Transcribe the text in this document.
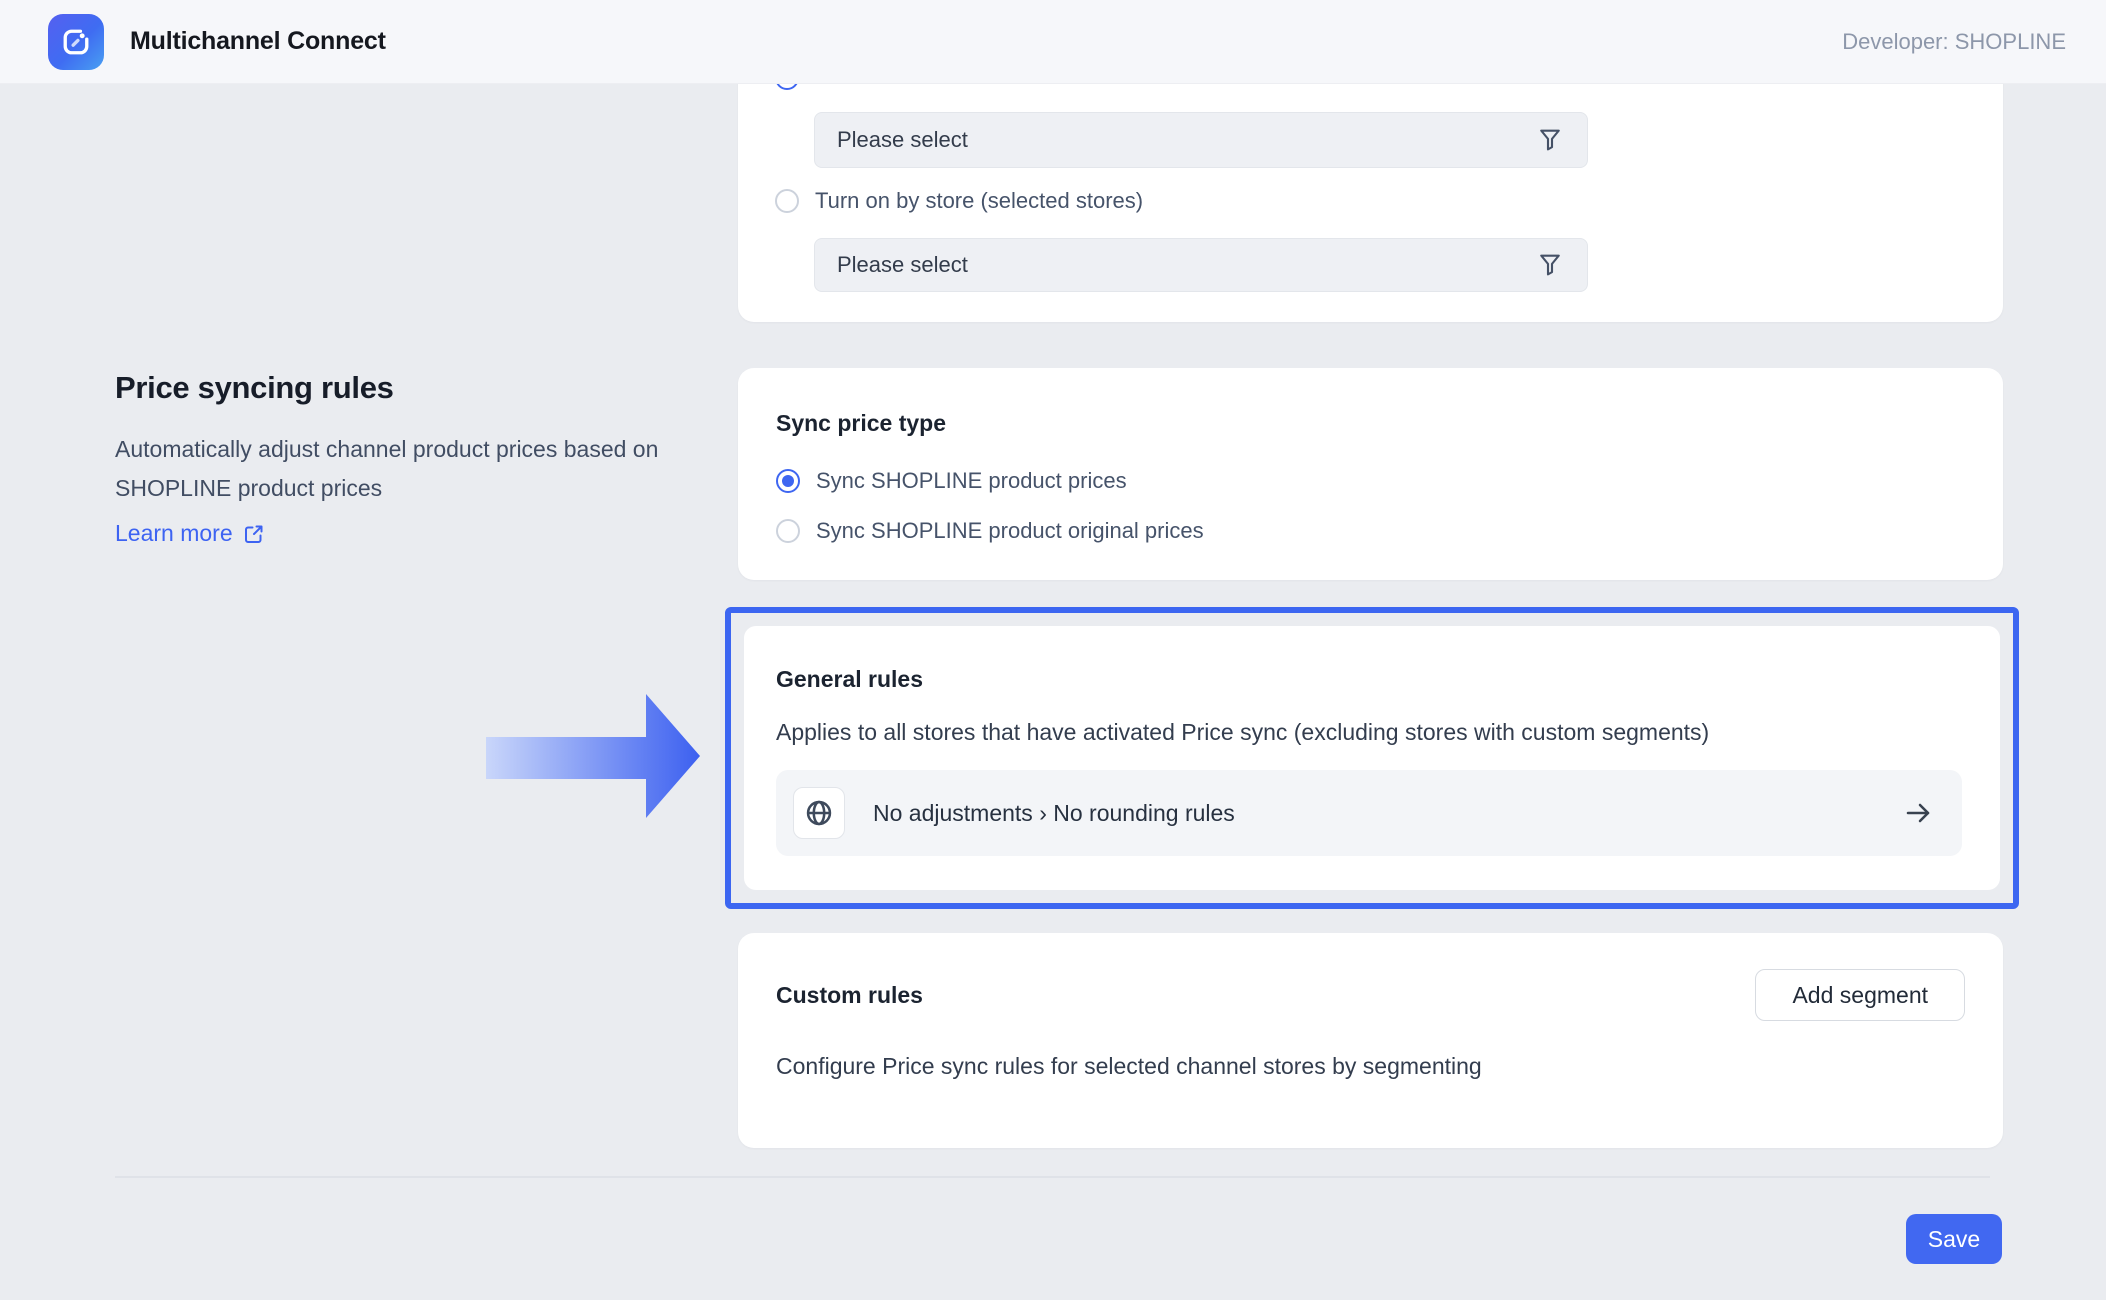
Please select
Turn on by store (selected stores)
Please select
Multichannel Connect	Developer: SHOPLINE
Price syncing rules
Automatically adjust channel product prices based on SHOPLINE product prices
Learn more
Sync price type
Sync SHOPLINE product prices
Sync SHOPLINE product original prices
General rules
Applies to all stores that have activated Price sync (excluding stores with custom segments)
No adjustments › No rounding rules
Custom rules	Add segment
Configure Price sync rules for selected channel stores by segmenting
Save
